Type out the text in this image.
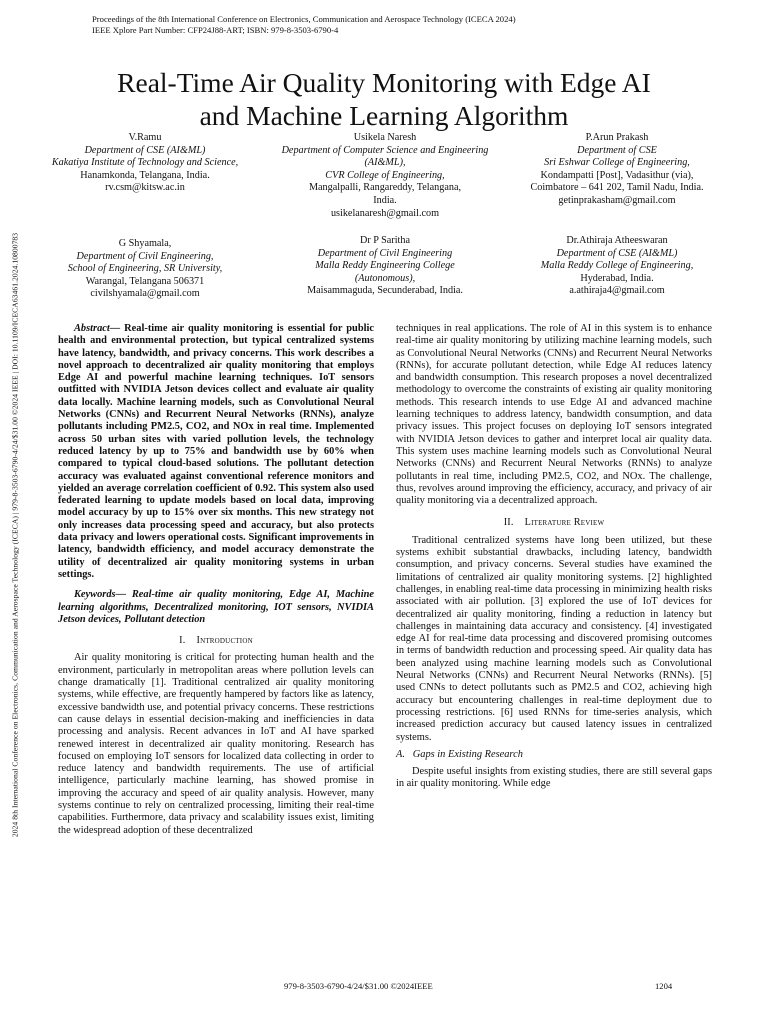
Proceedings of the 8th International Conference on Electronics, Communication and Aerospace Technology (ICECA 2024)
IEEE Xplore Part Number: CFP24J88-ART; ISBN: 979-8-3503-6790-4
2024 8th International Conference on Electronics, Communication and Aerospace Technology (ICECA) | 979-8-3503-6790-4/24/$31.00 ©2024 IEEE | DOI: 10.1109/ICECA63461.2024.10800783
Real-Time Air Quality Monitoring with Edge AI
and Machine Learning Algorithm
V.Ramu
Department of CSE (AI&ML)
Kakatiya Institute of Technology and Science,
Hanamkonda, Telangana, India.
rv.csm@kitsw.ac.in
Usikela Naresh
Department of Computer Science and Engineering (AI&ML),
CVR College of Engineering,
Mangalpalli, Rangareddy, Telangana,
India.
usikelanaresh@gmail.com
P.Arun Prakash
Department of CSE
Sri Eshwar College of Engineering,
Kondampatti [Post], Vadasithur (via),
Coimbatore – 641 202, Tamil Nadu, India.
getinprakasham@gmail.com
G Shyamala,
Department of Civil Engineering,
School of Engineering, SR University,
Warangal, Telangana 506371
civilshyamala@gmail.com
Dr P Saritha
Department of Civil Engineering
Malla Reddy Engineering College (Autonomous),
Maisammaguda, Secunderabad, India.
Dr.Athiraja Atheeswaran
Department of CSE (AI&ML)
Malla Reddy College of Engineering,
Hyderabad, India.
a.athiraja4@gmail.com

Abstract— Real-time air quality monitoring is essential for public health and environmental protection, but typical centralized systems have latency, bandwidth, and privacy concerns. This work describes a novel approach to decentralized air quality monitoring that employs Edge AI and powerful machine learning techniques. IoT sensors outfitted with NVIDIA Jetson devices collect and evaluate air quality data locally. Machine learning models, such as Convolutional Neural Networks (CNNs) and Recurrent Neural Networks (RNNs), analyze pollutants including PM2.5, CO2, and NOx in real time. Implemented across 50 urban sites with varied pollution levels, the technology reduced latency by up to 75% and bandwidth use by 60% when compared to typical cloud-based solutions. The pollutant detection accuracy was evaluated against conventional reference monitors and yielded an average correlation coefficient of 0.92. This system also used federated learning to update models based on local data, improving model accuracy by up to 15% over six months. This new strategy not only increases data processing speed and accuracy, but also protects data privacy and lowers operational costs. Significant improvements in latency, bandwidth efficiency, and model accuracy demonstrate the utility of decentralized air quality monitoring systems in urban settings.

Keywords— Real-time air quality monitoring, Edge AI, Machine learning algorithms, Decentralized monitoring, IOT sensors, NVIDIA Jetson devices, Pollutant detection

I. Introduction

Air quality monitoring is critical for protecting human health and the environment, particularly in metropolitan areas where pollution levels can change dramatically [1]. Traditional centralized air quality monitoring systems, while effective, are frequently hampered by factors like as latency, excessive bandwidth use, and potential privacy concerns. These restrictions can cause delays in essential decision-making and inefficiencies in data processing and analysis. Recent advances in IoT and AI have sparked renewed interest in decentralized air quality monitoring. Research has focused on employing IoT sensors for localized data collecting in order to reduce latency and bandwidth requirements. The use of artificial intelligence, particularly machine learning, has showed promise in improving the accuracy and speed of air quality analysis. However, many systems continue to rely on centralized processing, limiting their real-time capabilities. Furthermore, data privacy and scalability issues exist, limiting the widespread adoption of these decentralized

techniques in real applications. The role of AI in this system is to enhance real-time air quality monitoring by utilizing machine learning models, such as Convolutional Neural Networks (CNNs) and Recurrent Neural Networks (RNNs), for accurate pollutant detection, while Edge AI reduces latency and bandwidth consumption. This research proposes a novel decentralized methodology to overcome the constraints of existing air quality monitoring methods. This research intends to use Edge AI and advanced machine learning techniques to address latency, bandwidth consumption, and data privacy issues. This project focuses on deploying IoT sensors integrated with NVIDIA Jetson devices to gather and interpret local air quality data. This system uses machine learning models such as Convolutional Neural Networks (CNNs) and Recurrent Neural Networks (RNNs) to analyze pollutants in real time, including PM2.5, CO2, and NOx. The challenge, thus, revolves around improving the efficiency, accuracy, and privacy of air quality monitoring via a decentralized approach.

II. Literature Review

Traditional centralized systems have long been utilized, but these systems exhibit substantial drawbacks, including latency, bandwidth consumption, and privacy concerns. Several studies have examined the limitations of centralized air quality monitoring systems. [2] highlighted challenges, in enabling real-time data processing in minimizing health risks associated with air pollution. [3] explored the use of IoT devices for decentralized air quality monitoring, finding a reduction in latency but challenges in maintaining data accuracy and consistency. [4] investigated edge AI for real-time data processing and discovered promising outcomes in terms of bandwidth reduction and processing speed. Air quality data has been analyzed using machine learning models such as Convolutional Neural Networks (CNNs) and Recurrent Neural Networks (RNNs). [5] used CNNs to detect pollutants such as PM2.5 and CO2, achieving high accuracy but encountering challenges in real-time deployment due to processing restrictions. [6] used RNNs for time-series analysis, which increased prediction accuracy but caused latency issues in centralized systems.

A. Gaps in Existing Research

Despite useful insights from existing studies, there are still several gaps in air quality monitoring. While edge

979-8-3503-6790-4/24/$31.00 ©2024IEEE	1204
